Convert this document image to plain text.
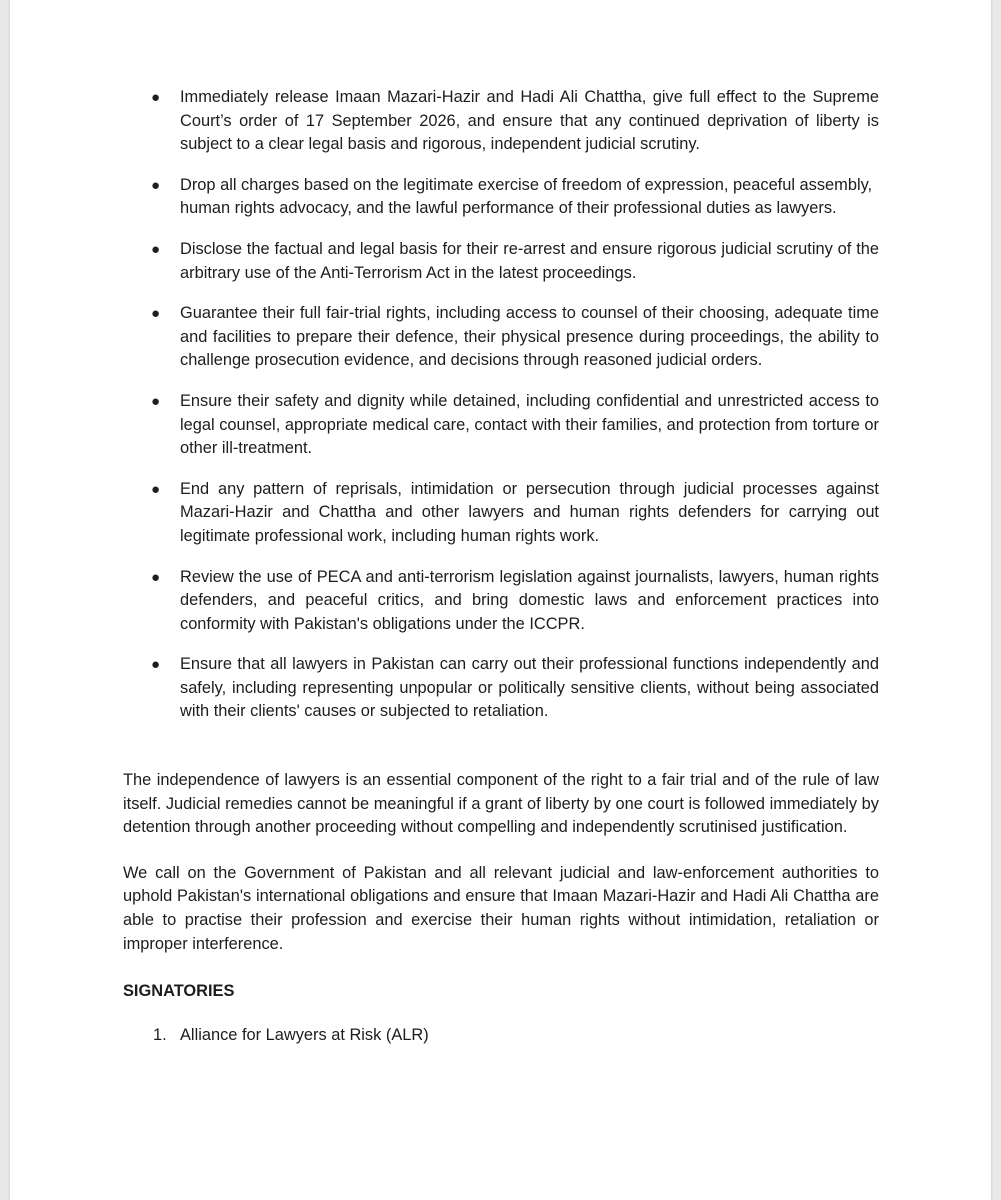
● Immediately release Imaan Mazari-Hazir and Hadi Ali Chattha, give full effect to the Supreme Court’s order of 17 September 2026, and ensure that any continued deprivation of liberty is subject to a clear legal basis and rigorous, independent judicial scrutiny.
● Drop all charges based on the legitimate exercise of freedom of expression, peaceful assembly, human rights advocacy, and the lawful performance of their professional duties as lawyers.
● Disclose the factual and legal basis for their re-arrest and ensure rigorous judicial scrutiny of the arbitrary use of the Anti-Terrorism Act in the latest proceedings.
● Guarantee their full fair-trial rights, including access to counsel of their choosing, adequate time and facilities to prepare their defence, their physical presence during proceedings, the ability to challenge prosecution evidence, and decisions through reasoned judicial orders.
● Ensure their safety and dignity while detained, including confidential and unrestricted access to legal counsel, appropriate medical care, contact with their families, and protection from torture or other ill-treatment.
● End any pattern of reprisals, intimidation or persecution through judicial processes against Mazari-Hazir and Chattha and other lawyers and human rights defenders for carrying out legitimate professional work, including human rights work.
● Review the use of PECA and anti-terrorism legislation against journalists, lawyers, human rights defenders, and peaceful critics, and bring domestic laws and enforcement practices into conformity with Pakistan's obligations under the ICCPR.
● Ensure that all lawyers in Pakistan can carry out their professional functions independently and safely, including representing unpopular or politically sensitive clients, without being associated with their clients' causes or subjected to retaliation.

The independence of lawyers is an essential component of the right to a fair trial and of the rule of law itself. Judicial remedies cannot be meaningful if a grant of liberty by one court is followed immediately by detention through another proceeding without compelling and independently scrutinised justification.

We call on the Government of Pakistan and all relevant judicial and law-enforcement authorities to uphold Pakistan's international obligations and ensure that Imaan Mazari-Hazir and Hadi Ali Chattha are able to practise their profession and exercise their human rights without intimidation, retaliation or improper interference.

SIGNATORIES
1. Alliance for Lawyers at Risk (ALR)
